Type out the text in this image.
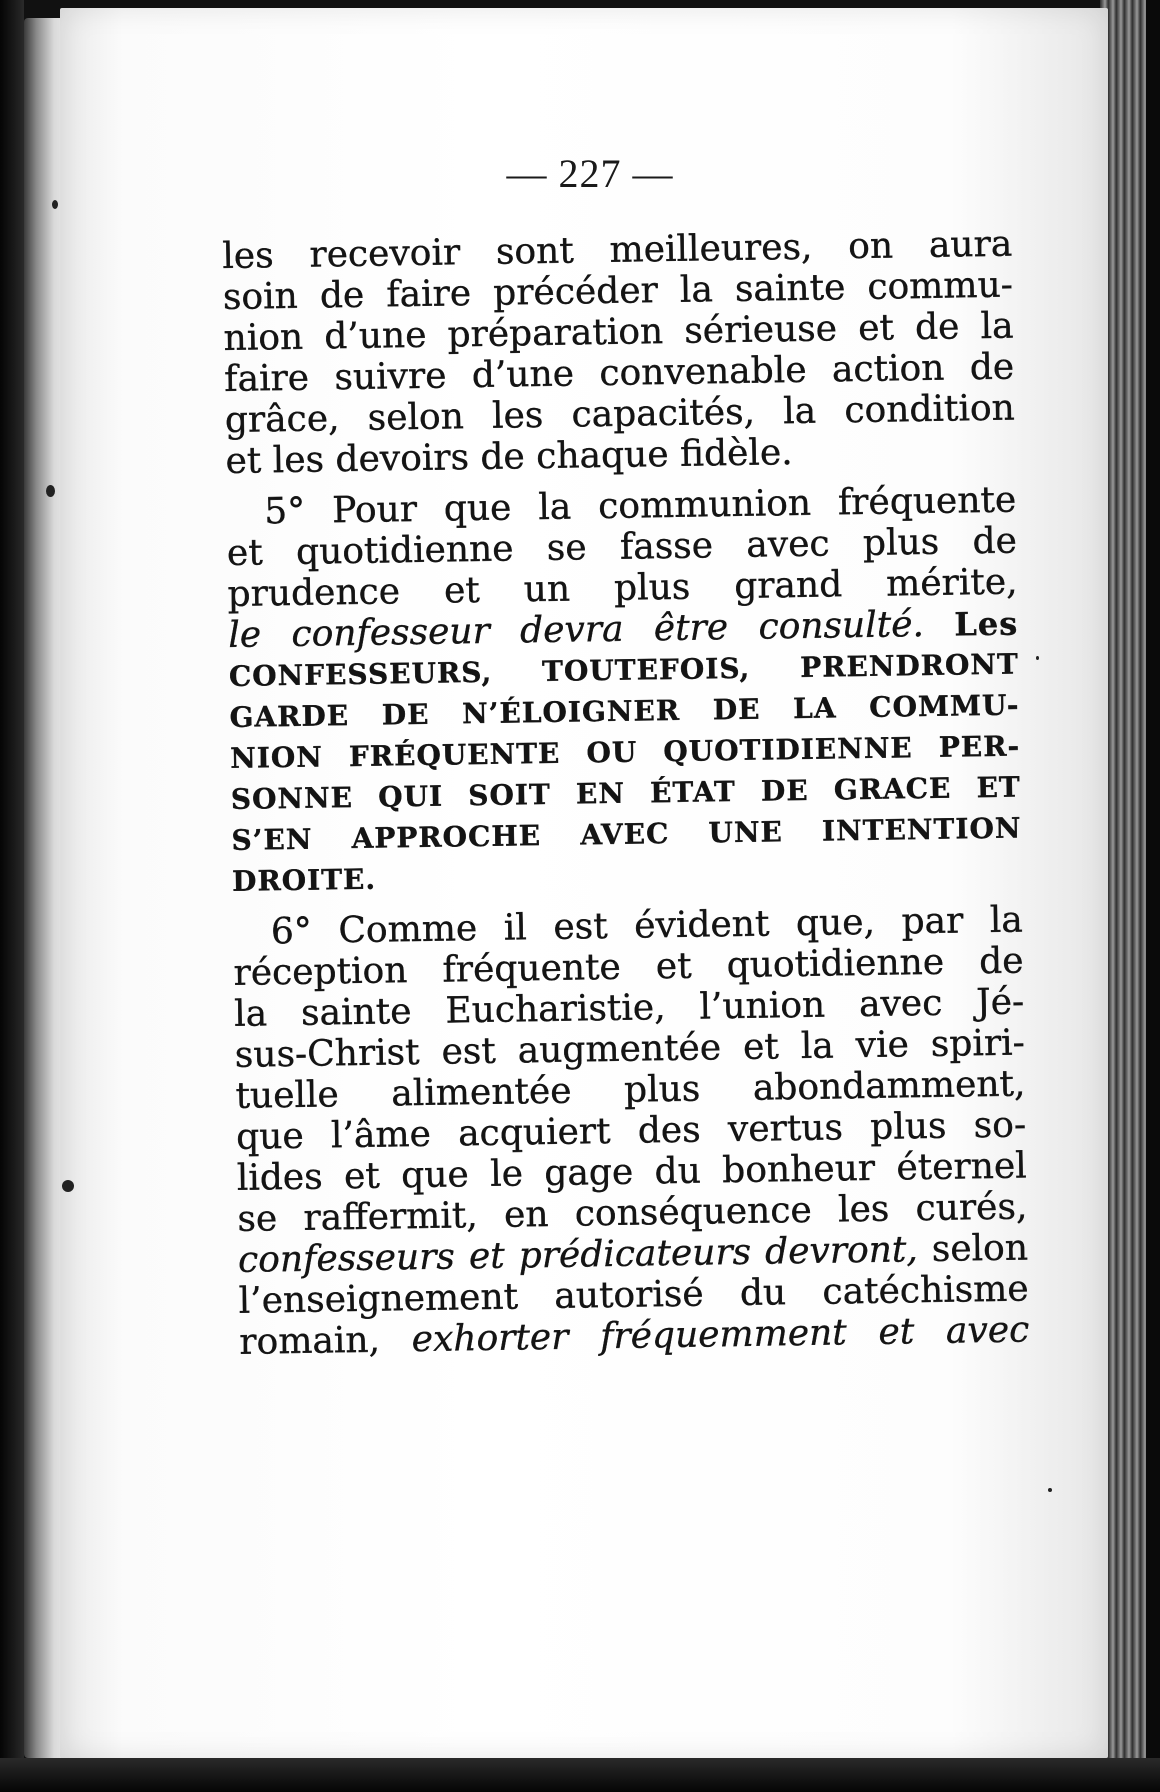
— 227 —
les recevoir sont meilleures, on aura
soin de faire précéder la sainte commu-
nion d’une préparation sérieuse et de la
faire suivre d’une convenable action de
grâce, selon les capacités, la condition
et les devoirs de chaque fidèle.
5° Pour que la communion fréquente
et quotidienne se fasse avec plus de
prudence et un plus grand mérite,
le confesseur devra être consulté. Les
CONFESSEURS, TOUTEFOIS, PRENDRONT
GARDE DE N’ÉLOIGNER DE LA COMMU-
NION FRÉQUENTE OU QUOTIDIENNE PER-
SONNE QUI SOIT EN ÉTAT DE GRACE ET
S’EN APPROCHE AVEC UNE INTENTION
DROITE.
6° Comme il est évident que, par la
réception fréquente et quotidienne de
la sainte Eucharistie, l’union avec Jé-
sus-Christ est augmentée et la vie spiri-
tuelle alimentée plus abondamment,
que l’âme acquiert des vertus plus so-
lides et que le gage du bonheur éternel
se raffermit, en conséquence les curés,
confesseurs et prédicateurs devront, selon
l’enseignement autorisé du catéchisme
romain, exhorter fréquemment et avec
